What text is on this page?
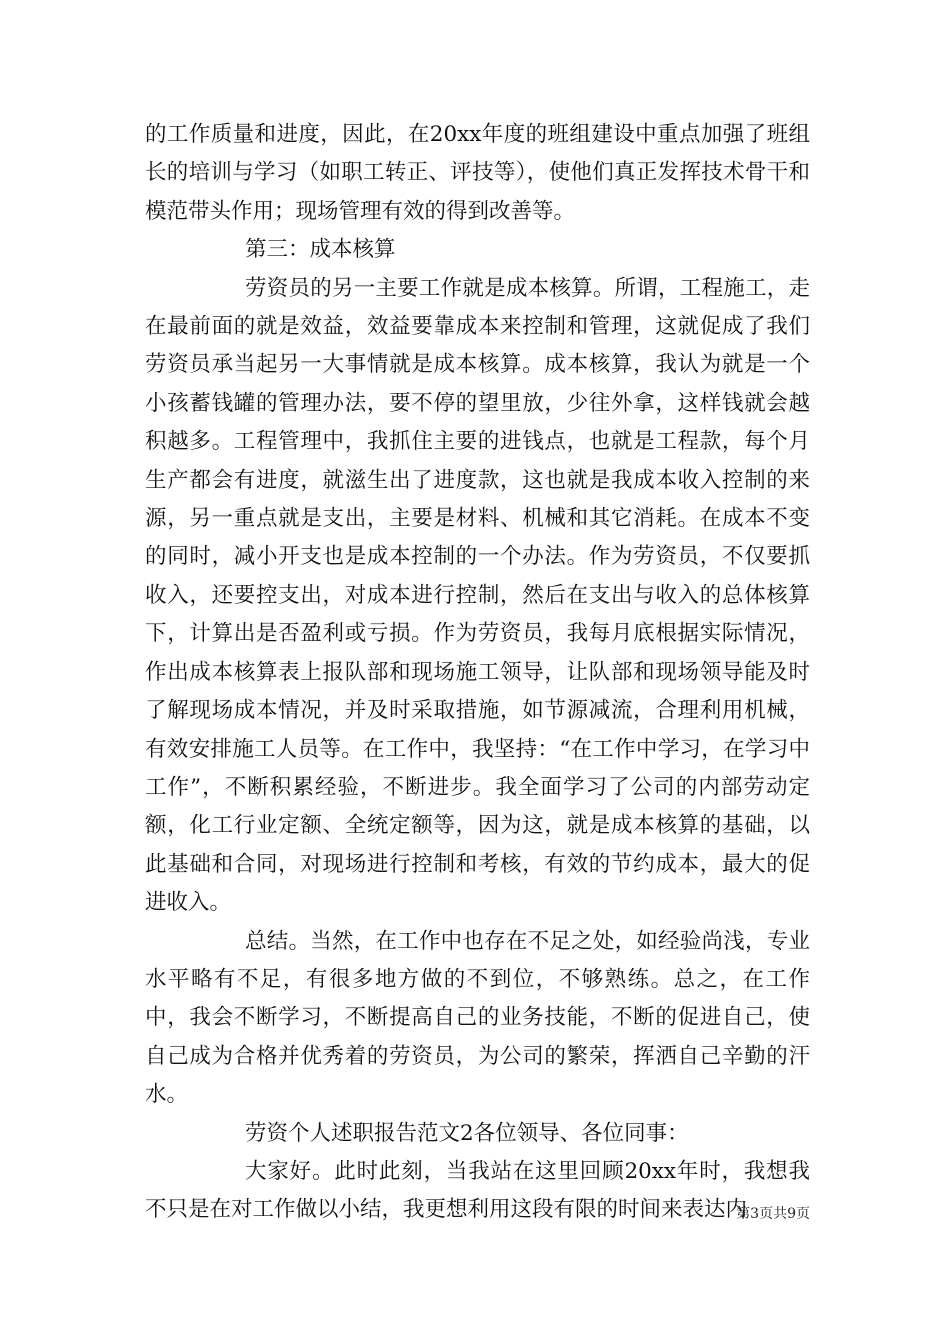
的工作质量和进度，因此，在20xx年度的班组建设中重点加强了班组长的培训与学习（如职工转正、评技等），使他们真正发挥技术骨干和模范带头作用；现场管理有效的得到改善等。

第三：成本核算

劳资员的另一主要工作就是成本核算。所谓，工程施工，走在最前面的就是效益，效益要靠成本来控制和管理，这就促成了我们劳资员承当起另一大事情就是成本核算。成本核算，我认为就是一个小孩蓄钱罐的管理办法，要不停的望里放，少往外拿，这样钱就会越积越多。工程管理中，我抓住主要的进钱点，也就是工程款，每个月生产都会有进度，就滋生出了进度款，这也就是我成本收入控制的来源，另一重点就是支出，主要是材料、机械和其它消耗。在成本不变的同时，减小开支也是成本控制的一个办法。作为劳资员，不仅要抓收入，还要控支出，对成本进行控制，然后在支出与收入的总体核算下，计算出是否盈利或亏损。作为劳资员，我每月底根据实际情况，作出成本核算表上报队部和现场施工领导，让队部和现场领导能及时了解现场成本情况，并及时采取措施，如节源减流，合理利用机械，有效安排施工人员等。在工作中，我坚持：“在工作中学习，在学习中工作”，不断积累经验，不断进步。我全面学习了公司的内部劳动定额，化工行业定额、全统定额等，因为这，就是成本核算的基础，以此基础和合同，对现场进行控制和考核，有效的节约成本，最大的促进收入。

总结。当然，在工作中也存在不足之处，如经验尚浅，专业水平略有不足，有很多地方做的不到位，不够熟练。总之，在工作中，我会不断学习，不断提高自己的业务技能，不断的促进自己，使自己成为合格并优秀着的劳资员，为公司的繁荣，挥洒自己辛勤的汗水。

劳资个人述职报告范文2各位领导、各位同事：

大家好。此时此刻，当我站在这里回顾20xx年时，我想我不只是在对工作做以小结，我更想利用这段有限的时间来表达内

第3页共9页
